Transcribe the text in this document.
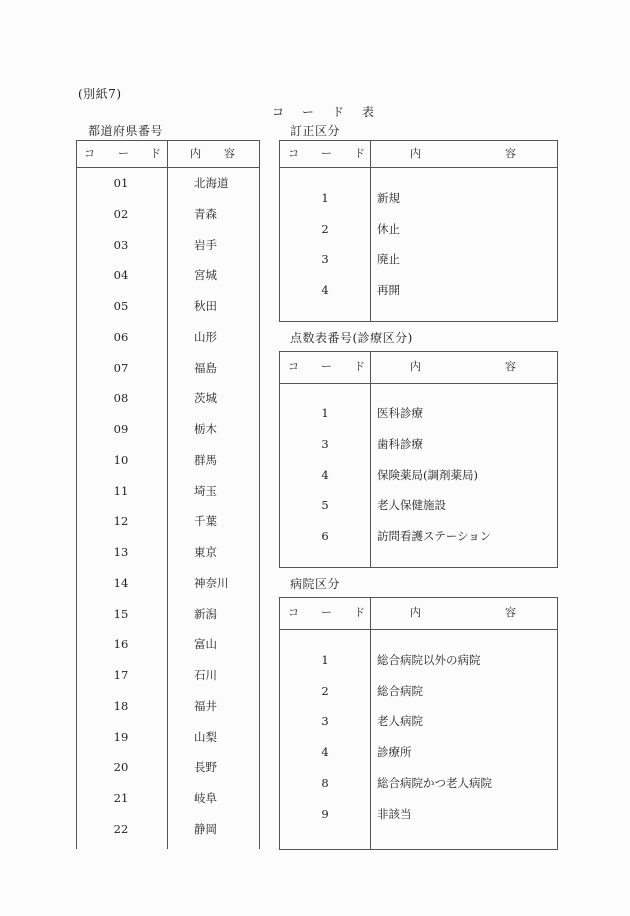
(別紙7)
コ　ー　ド　表
都道府県番号
コ ー ド	内 容
01	北海道
02	青森
03	岩手
04	宮城
05	秋田
06	山形
07	福島
08	茨城
09	栃木
10	群馬
11	埼玉
12	千葉
13	東京
14	神奈川
15	新潟
16	富山
17	石川
18	福井
19	山梨
20	長野
21	岐阜
22	静岡
訂正区分
コ ー ド	内	容
1	新規
2	休止
3	廃止
4	再開
点数表番号(診療区分)
コ ー ド	内	容
1	医科診療
3	歯科診療
4	保険薬局(調剤薬局)
5	老人保健施設
6	訪問看護ステーション
病院区分
コ ー ド	内	容
1	総合病院以外の病院
2	総合病院
3	老人病院
4	診療所
8	総合病院かつ老人病院
9	非該当
